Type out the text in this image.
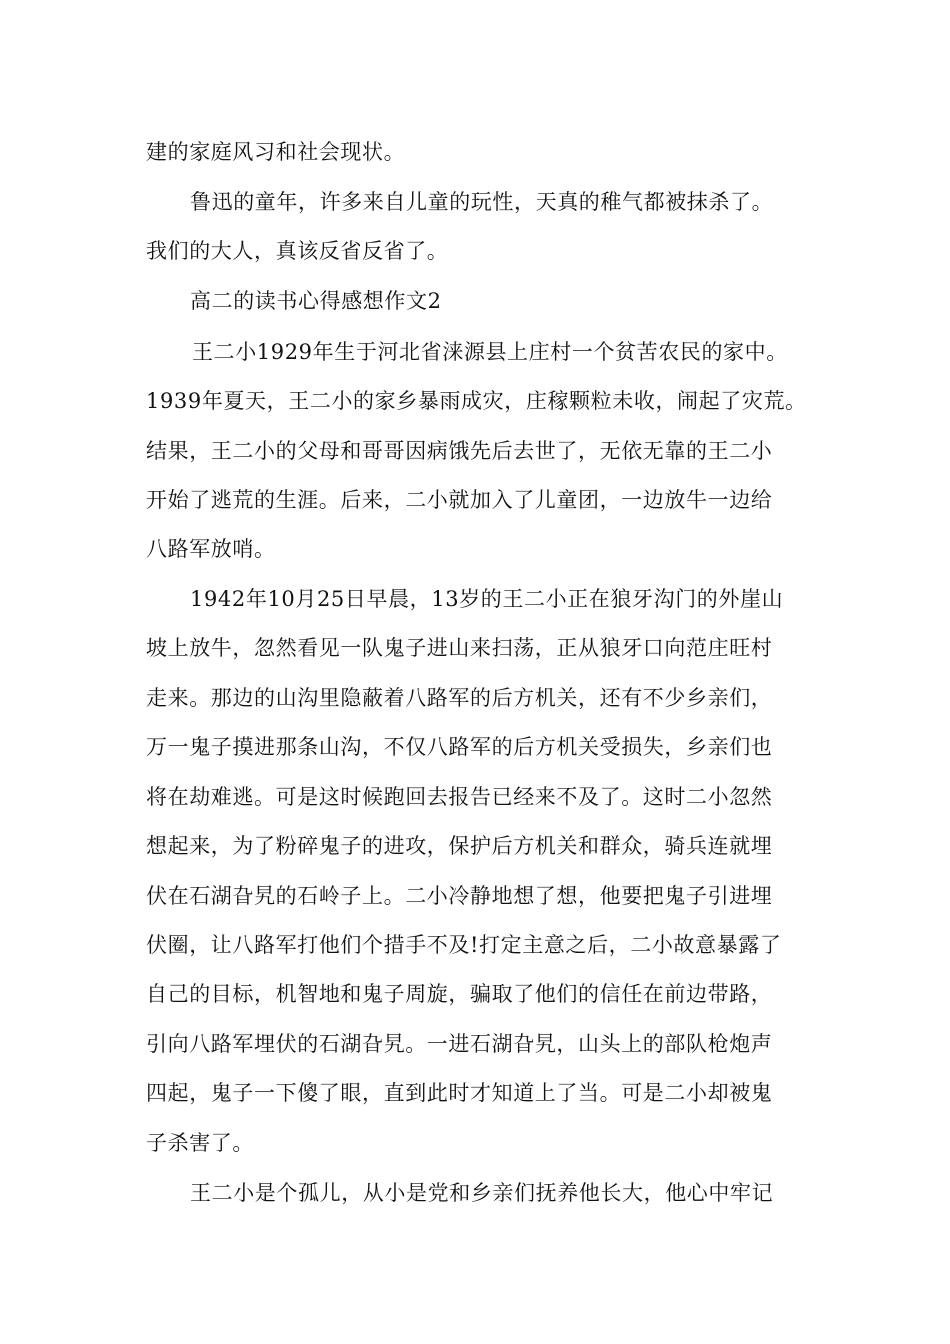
建的家庭风习和社会现状。
鲁迅的童年，许多来自儿童的玩性，天真的稚气都被抹杀了。
我们的大人，真该反省反省了。
高二的读书心得感想作文2
王二小1929年生于河北省涞源县上庄村一个贫苦农民的家中。
1939年夏天，王二小的家乡暴雨成灾，庄稼颗粒未收，闹起了灾荒。
结果，王二小的父母和哥哥因病饿先后去世了，无依无靠的王二小
开始了逃荒的生涯。后来，二小就加入了儿童团，一边放牛一边给
八路军放哨。
1942年10月25日早晨，13岁的王二小正在狼牙沟门的外崖山
坡上放牛，忽然看见一队鬼子进山来扫荡，正从狼牙口向范庄旺村
走来。那边的山沟里隐蔽着八路军的后方机关，还有不少乡亲们，
万一鬼子摸进那条山沟，不仅八路军的后方机关受损失，乡亲们也
将在劫难逃。可是这时候跑回去报告已经来不及了。这时二小忽然
想起来，为了粉碎鬼子的进攻，保护后方机关和群众，骑兵连就埋
伏在石湖旮旯的石岭子上。二小冷静地想了想，他要把鬼子引进埋
伏圈，让八路军打他们个措手不及!打定主意之后，二小故意暴露了
自己的目标，机智地和鬼子周旋，骗取了他们的信任在前边带路，
引向八路军埋伏的石湖旮旯。一进石湖旮旯，山头上的部队枪炮声
四起，鬼子一下傻了眼，直到此时才知道上了当。可是二小却被鬼
子杀害了。
王二小是个孤儿，从小是党和乡亲们抚养他长大，他心中牢记
